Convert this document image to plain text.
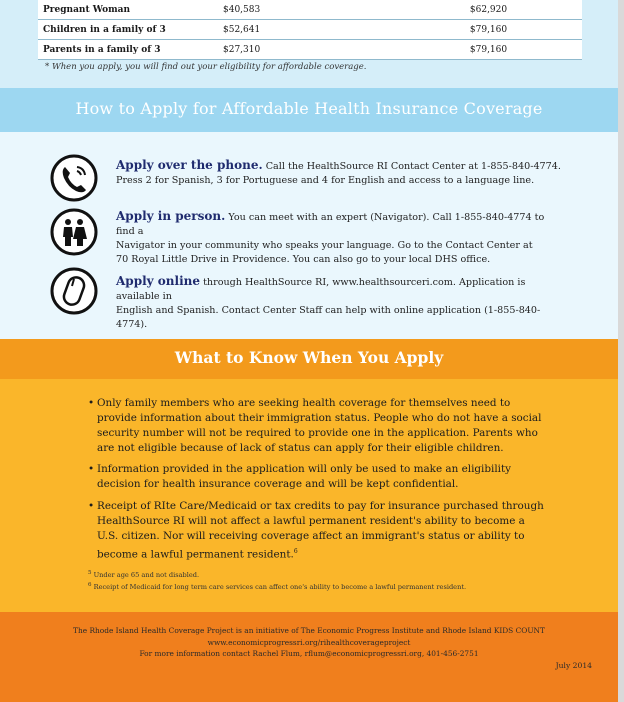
Pregnant Woman	$40,583	$62,920
Children in a family of 3	$52,641	$79,160
Parents in a family of 3	$27,310	$79,160
* When you apply, you will find out your eligibility for affordable coverage.
How to Apply for Affordable Health Insurance Coverage
Apply over the phone. Call the HealthSource RI Contact Center at 1-855-840-4774.
Press 2 for Spanish, 3 for Portuguese and 4 for English and access to a language line.
Apply in person. You can meet with an expert (Navigator). Call 1-855-840-4774 to find a
Navigator in your community who speaks your language. Go to the Contact Center at
70 Royal Little Drive in Providence. You can also go to your local DHS office.
Apply online through HealthSource RI, www.healthsourceri.com. Application is available in
English and Spanish. Contact Center Staff can help with online application (1-855-840-4774).
What to Know When You Apply
• Only family members who are seeking health coverage for themselves need to
provide information about their immigration status. People who do not have a social
security number will not be required to provide one in the application. Parents who
are not eligible because of lack of status can apply for their eligible children.
• Information provided in the application will only be used to make an eligibility
decision for health insurance coverage and will be kept confidential.
• Receipt of RIte Care/Medicaid or tax credits to pay for insurance purchased through
HealthSource RI will not affect a lawful permanent resident's ability to become a
U.S. citizen. Nor will receiving coverage affect an immigrant's status or ability to
become a lawful permanent resident.$^6$
$^5$ Under age 65 and not disabled.
$^6$ Receipt of Medicaid for long term care services can affect one's ability to become a lawful permanent resident.
The Rhode Island Health Coverage Project is an initiative of The Economic Progress Institute and Rhode Island KIDS COUNT
www.economicprogressri.org/rihealthcoverageproject
For more information contact Rachel Flum, rflum@economicprogressri.org, 401-456-2751
July 2014
